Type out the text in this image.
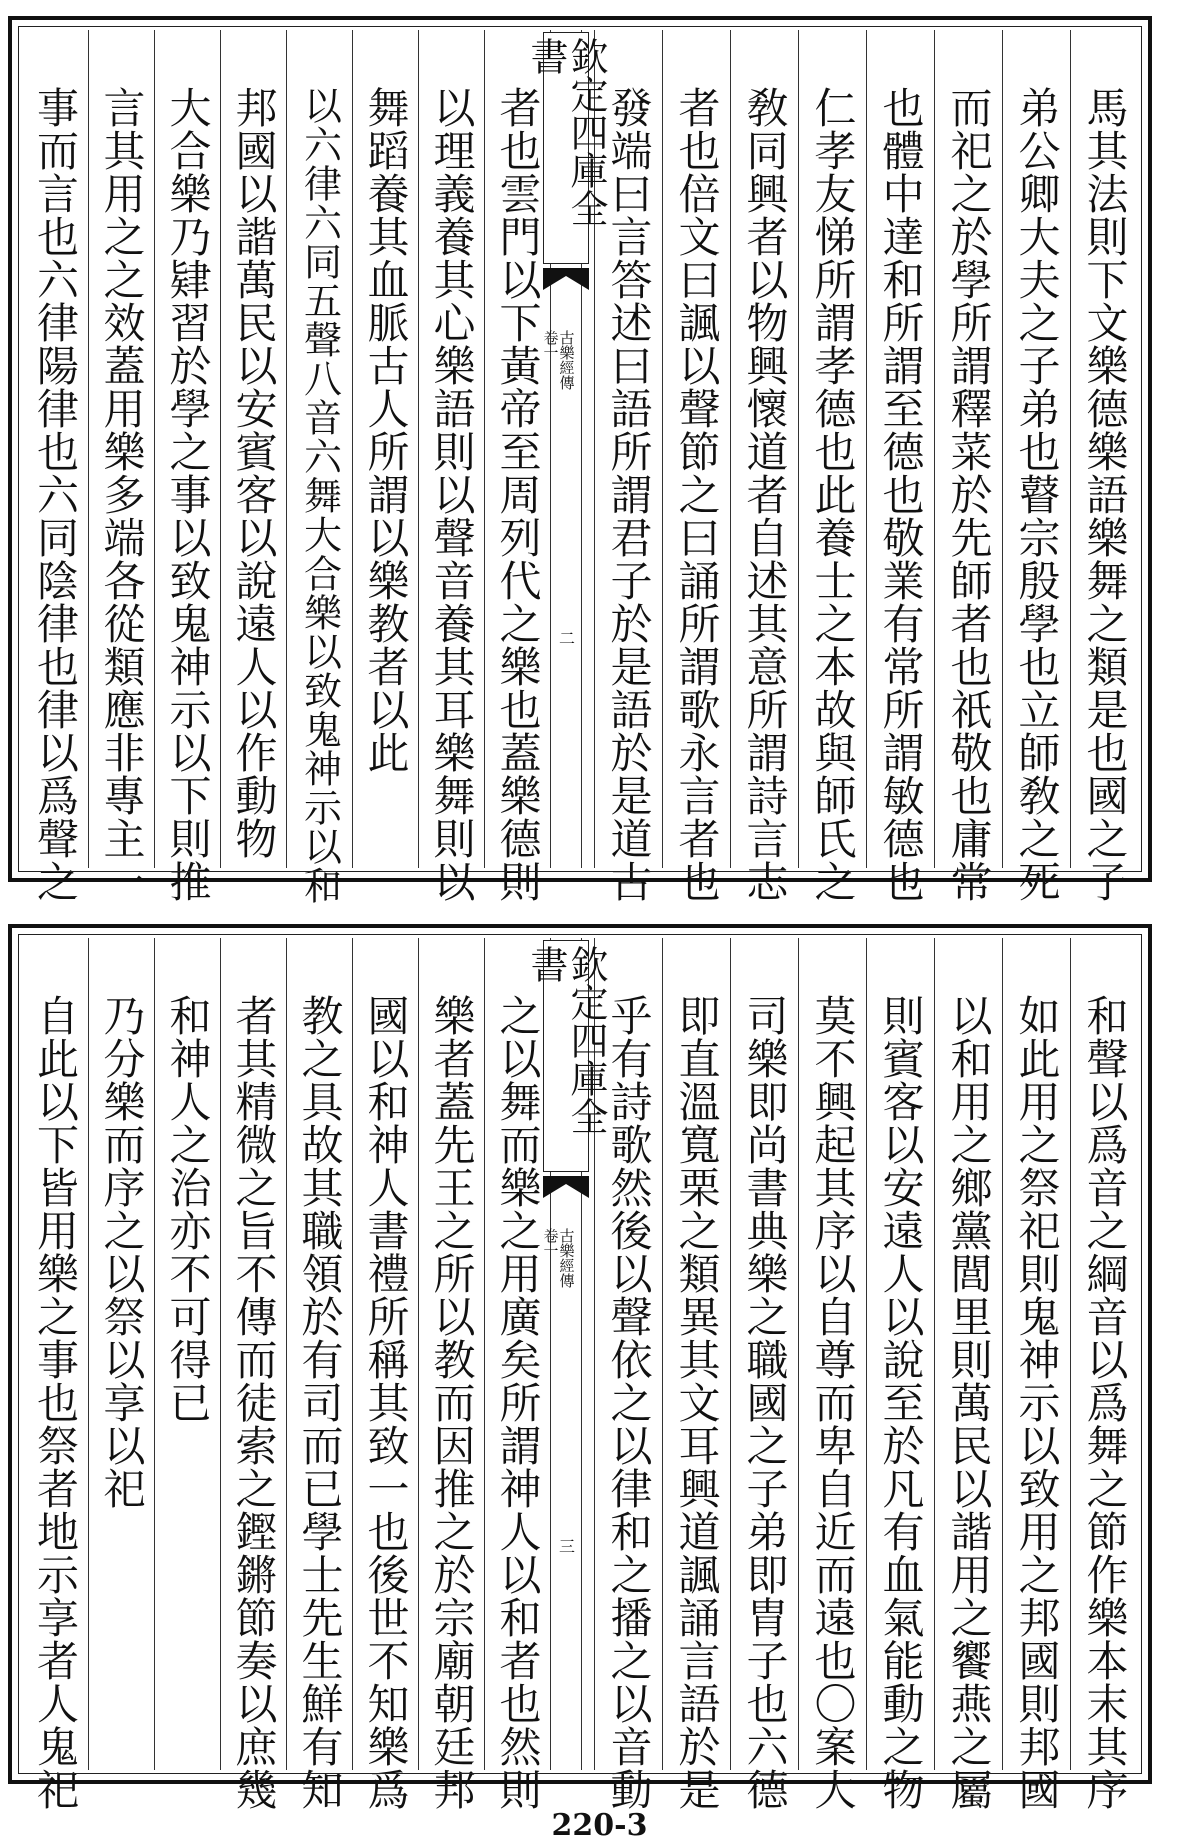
馬其法則下文樂德樂語樂舞之類是也國之子
弟公卿大夫之子弟也瞽宗殷學也立師敎之死
而祀之於學所謂釋菜於先師者也祇敬也庸常
也體中達和所謂至德也敬業有常所謂敏德也
仁孝友悌所謂孝德也此養士之本故與師氏之
敎同興者以物興懷道者自述其意所謂詩言志
者也倍文曰諷以聲節之曰誦所謂歌永言者也
發端曰言答述曰語所謂君子於是語於是道古
欽定四庫全書
古樂經傳
卷一
二
者也雲門以下黃帝至周列代之樂也蓋樂德則
以理義養其心樂語則以聲音養其耳樂舞則以
舞蹈養其血脈古人所謂以樂教者以此
以六律六同五聲八音六舞大合樂以致鬼神示以和
邦國以諧萬民以安賓客以說遠人以作動物
大合樂乃肄習於學之事以致鬼神示以下則推
言其用之之效蓋用樂多端各從類應非專主一
事而言也六律陽律也六同陰律也律以爲聲之
和聲以爲音之綱音以爲舞之節作樂本末其序
如此用之祭祀則鬼神示以致用之邦國則邦國
以和用之鄉黨閭里則萬民以諧用之饗燕之屬
則賓客以安遠人以說至於凡有血氣能動之物
莫不興起其序以自尊而卑自近而遠也〇案大
司樂即尚書典樂之職國之子弟即胄子也六德
即直溫寬栗之類異其文耳興道諷誦言語於是
乎有詩歌然後以聲依之以律和之播之以音動
欽定四庫全書
古樂經傳
卷一
三
之以舞而樂之用廣矣所謂神人以和者也然則
樂者蓋先王之所以教而因推之於宗廟朝廷邦
國以和神人書禮所稱其致一也後世不知樂爲
教之具故其職領於有司而已學士先生鮮有知
者其精微之旨不傳而徒索之鏗鏘節奏以庶幾
和神人之治亦不可得已
乃分樂而序之以祭以享以祀
自此以下皆用樂之事也祭者地示享者人鬼祀
220-3
